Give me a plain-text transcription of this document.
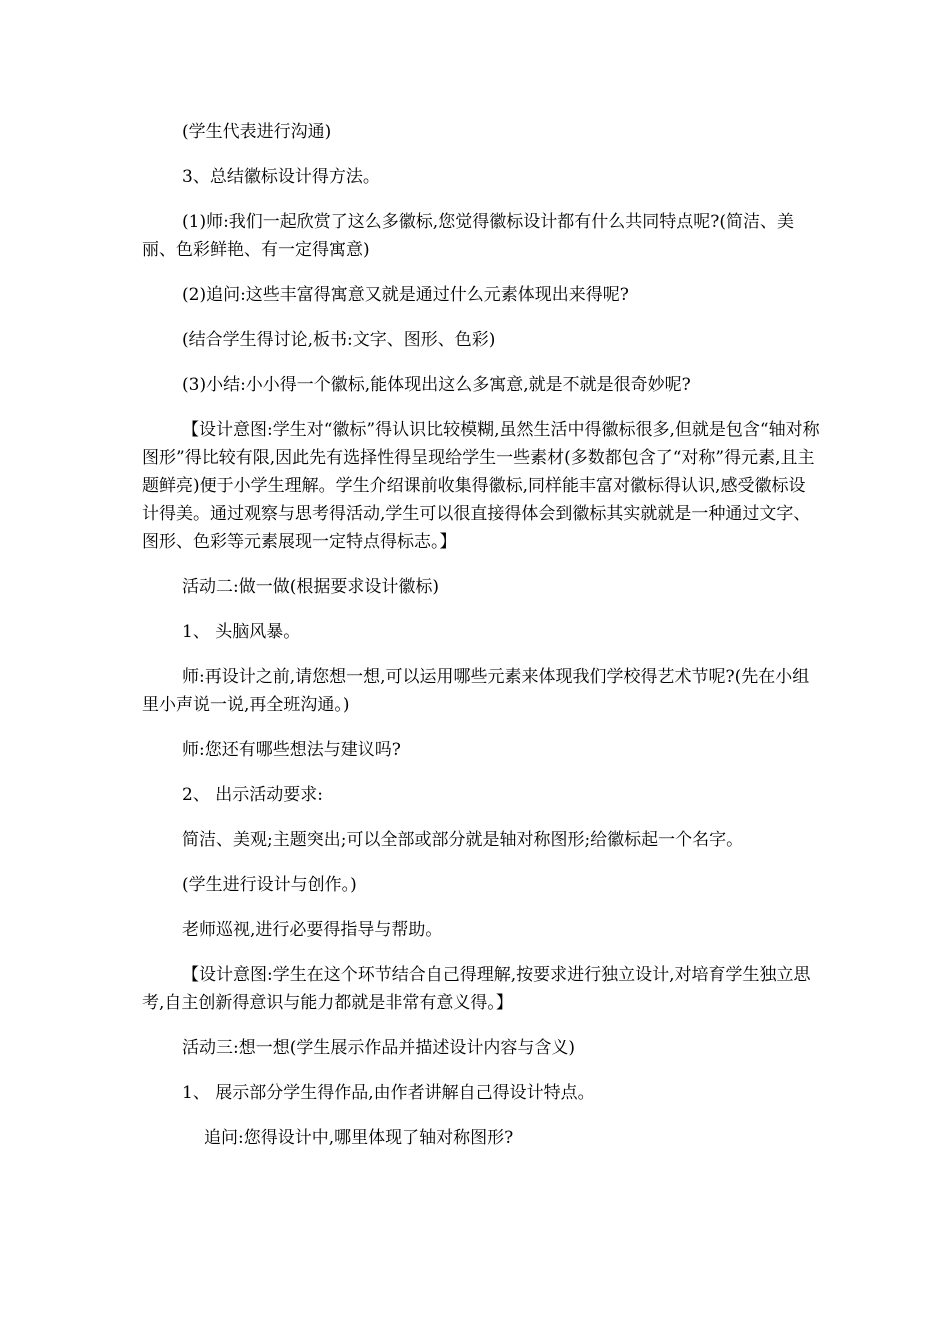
(学生代表进行沟通)

3、总结徽标设计得方法。

(1)师:我们一起欣赏了这么多徽标,您觉得徽标设计都有什么共同特点呢?(简洁、美丽、色彩鲜艳、有一定得寓意)

(2)追问:这些丰富得寓意又就是通过什么元素体现出来得呢?

(结合学生得讨论,板书:文字、图形、色彩)

(3)小结:小小得一个徽标,能体现出这么多寓意,就是不就是很奇妙呢?

【设计意图:学生对“徽标”得认识比较模糊,虽然生活中得徽标很多,但就是包含“轴对称图形”得比较有限,因此先有选择性得呈现给学生一些素材(多数都包含了“对称”得元素,且主题鲜亮)便于小学生理解。学生介绍课前收集得徽标,同样能丰富对徽标得认识,感受徽标设计得美。通过观察与思考得活动,学生可以很直接得体会到徽标其实就就是一种通过文字、图形、色彩等元素展现一定特点得标志。】

活动二:做一做(根据要求设计徽标)

1、 头脑风暴。

师:再设计之前,请您想一想,可以运用哪些元素来体现我们学校得艺术节呢?(先在小组里小声说一说,再全班沟通。)

师:您还有哪些想法与建议吗?

2、 出示活动要求:

简洁、美观;主题突出;可以全部或部分就是轴对称图形;给徽标起一个名字。

(学生进行设计与创作。)

老师巡视,进行必要得指导与帮助。

【设计意图:学生在这个环节结合自己得理解,按要求进行独立设计,对培育学生独立思考,自主创新得意识与能力都就是非常有意义得。】

活动三:想一想(学生展示作品并描述设计内容与含义)

1、 展示部分学生得作品,由作者讲解自己得设计特点。

追问:您得设计中,哪里体现了轴对称图形?
